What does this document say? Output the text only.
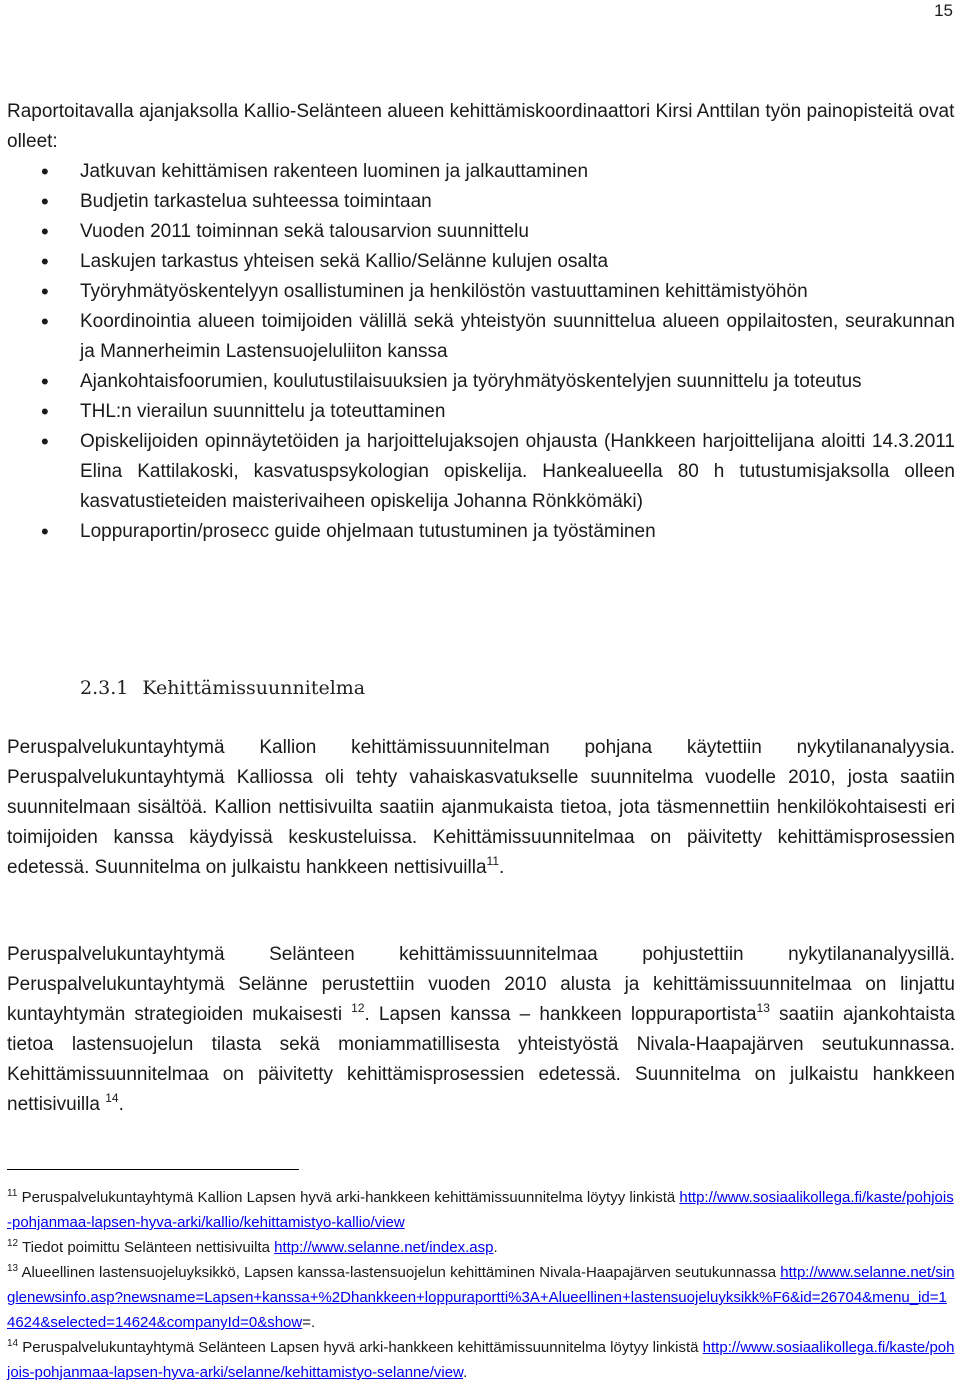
15

Raportoitavalla ajanjaksolla Kallio-Selänteen alueen kehittämiskoordinaattori Kirsi Anttilan työn painopisteitä ovat olleet:

• Jatkuvan kehittämisen rakenteen luominen ja jalkauttaminen
• Budjetin tarkastelua suhteessa toimintaan
• Vuoden 2011 toiminnan sekä talousarvion suunnittelu
• Laskujen tarkastus yhteisen sekä Kallio/Selänne kulujen osalta
• Työryhmätyöskentelyyn osallistuminen ja henkilöstön vastuuttaminen kehittämistyöhön
• Koordinointia alueen toimijoiden välillä sekä yhteistyön suunnittelua alueen oppilaitosten, seurakunnan ja Mannerheimin Lastensuojeluliiton kanssa
• Ajankohtaisfoorumien, koulutustilaisuuksien ja työryhmätyöskentelyjen suunnittelu ja toteutus
• THL:n vierailun suunnittelu ja toteuttaminen
• Opiskelijoiden opinnäytetöiden ja harjoittelujaksojen ohjausta (Hankkeen harjoittelijana aloitti 14.3.2011 Elina Kattilakoski, kasvatuspsykologian opiskelija. Hankealueella 80 h tutustumisjaksolla olleen kasvatustieteiden maisterivaiheen opiskelija Johanna Rönkkömäki)
• Loppuraportin/prosecc guide ohjelmaan tutustuminen ja työstäminen
2.3.1 Kehittämissuunnitelma

Peruspalvelukuntayhtymä Kallion kehittämissuunnitelman pohjana käytettiin nykytilananalyysia. Peruspalvelukuntayhtymä Kalliossa oli tehty vahaiskasvatukselle suunnitelma vuodelle 2010, josta saatiin suunnitelmaan sisältöä. Kallion nettisivuilta saatiin ajanmukaista tietoa, jota täsmennettiin henkilökohtaisesti eri toimijoiden kanssa käydyissä keskusteluissa. Kehittämissuunnitelmaa on päivitetty kehittämisprosessien edetessä. Suunnitelma on julkaistu hankkeen nettisivuilla$^{11}$.

Peruspalvelukuntayhtymä Selänteen kehittämissuunnitelmaa pohjustettiin nykytilananalyysillä. Peruspalvelukuntayhtymä Selänne perustettiin vuoden 2010 alusta ja kehittämissuunnitelmaa on linjattu kuntayhtymän strategioiden mukaisesti $^{12}$. Lapsen kanssa – hankkeen loppuraportista$^{13}$ saatiin ajankohtaista tietoa lastensuojelun tilasta sekä moniammatillisesta yhteistyöstä Nivala-Haapajärven seutukunnassa. Kehittämissuunnitelmaa on päivitetty kehittämisprosessien edetessä. Suunnitelma on julkaistu hankkeen nettisivuilla $^{14}$.

$^{11}$ Peruspalvelukuntayhtymä Kallion Lapsen hyvä arki-hankkeen kehittämissuunnitelma löytyy linkistä http://www.sosiaalikollega.fi/kaste/pohjois-pohjanmaa-lapsen-hyva-arki/kallio/kehittamistyo-kallio/view

$^{12}$ Tiedot poimittu Selänteen nettisivuilta http://www.selanne.net/index.asp.

$^{13}$ Alueellinen lastensuojeluyksikkö, Lapsen kanssa-lastensuojelun kehittäminen Nivala-Haapajärven seutukunnassa http://www.selanne.net/singlenewsinfo.asp?newsname=Lapsen+kanssa+%2Dhankkeen+loppuraportti%3A+Alueellinen+lastensuojeluyksikk%F6&id=26704&menu_id=14624&selected=14624&companyId=0&show=.

$^{14}$ Peruspalvelukuntayhtymä Selänteen Lapsen hyvä arki-hankkeen kehittämissuunnitelma löytyy linkistä http://www.sosiaalikollega.fi/kaste/pohjois-pohjanmaa-lapsen-hyva-arki/selanne/kehittamistyo-selanne/view.
